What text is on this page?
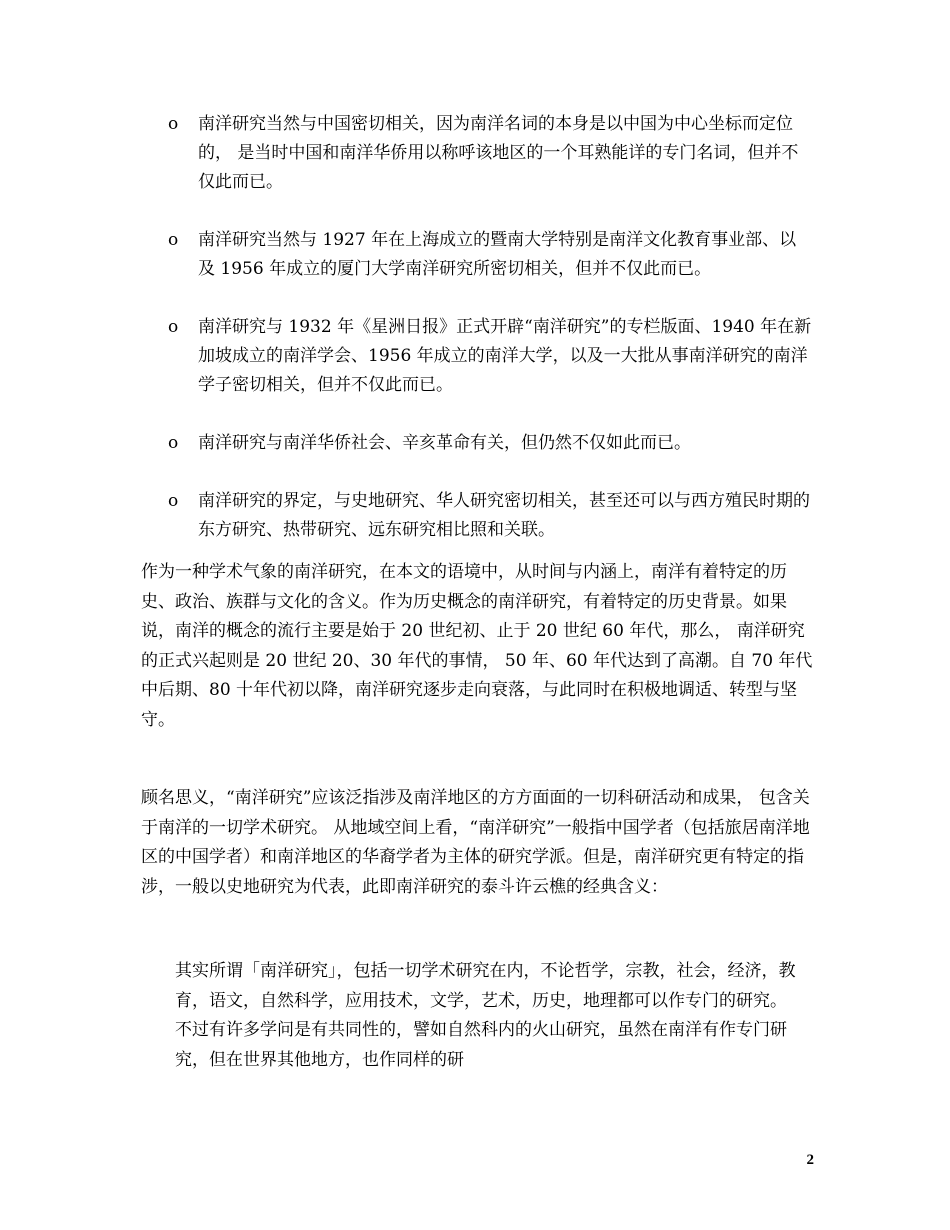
o 南洋研究当然与中国密切相关，因为南洋名词的本身是以中国为中心坐标而定位的， 是当时中国和南洋华侨用以称呼该地区的一个耳熟能详的专门名词，但并不仅此而已。
o 南洋研究当然与 1927 年在上海成立的暨南大学特别是南洋文化教育事业部、以及 1956 年成立的厦门大学南洋研究所密切相关，但并不仅此而已。
o 南洋研究与 1932 年《星洲日报》正式开辟“南洋研究”的专栏版面、1940 年在新加坡成立的南洋学会、1956 年成立的南洋大学，以及一大批从事南洋研究的南洋学子密切相关，但并不仅此而已。
o 南洋研究与南洋华侨社会、辛亥革命有关，但仍然不仅如此而已。
o 南洋研究的界定，与史地研究、华人研究密切相关，甚至还可以与西方殖民时期的东方研究、热带研究、远东研究相比照和关联。

作为一种学术气象的南洋研究，在本文的语境中，从时间与内涵上，南洋有着特定的历史、政治、族群与文化的含义。作为历史概念的南洋研究，有着特定的历史背景。如果说，南洋的概念的流行主要是始于 20 世纪初、止于 20 世纪 60 年代，那么， 南洋研究的正式兴起则是 20 世纪 20、30 年代的事情， 50 年、60 年代达到了高潮。自 70 年代中后期、80 十年代初以降，南洋研究逐步走向衰落，与此同时在积极地调适、转型与坚守。

顾名思义，“南洋研究”应该泛指涉及南洋地区的方方面面的一切科研活动和成果， 包含关于南洋的一切学术研究。 从地域空间上看，“南洋研究”一般指中国学者（包括旅居南洋地区的中国学者）和南洋地区的华裔学者为主体的研究学派。但是，南洋研究更有特定的指涉，一般以史地研究为代表，此即南洋研究的泰斗许云樵的经典含义：

其实所谓「南洋研究」，包括一切学术研究在内，不论哲学，宗教，社会，经济，教育，语文，自然科学，应用技术，文学，艺术，历史，地理都可以作专门的研究。不过有许多学问是有共同性的，譬如自然科内的火山研究，虽然在南洋有作专门研究，但在世界其他地方，也作同样的研

2
